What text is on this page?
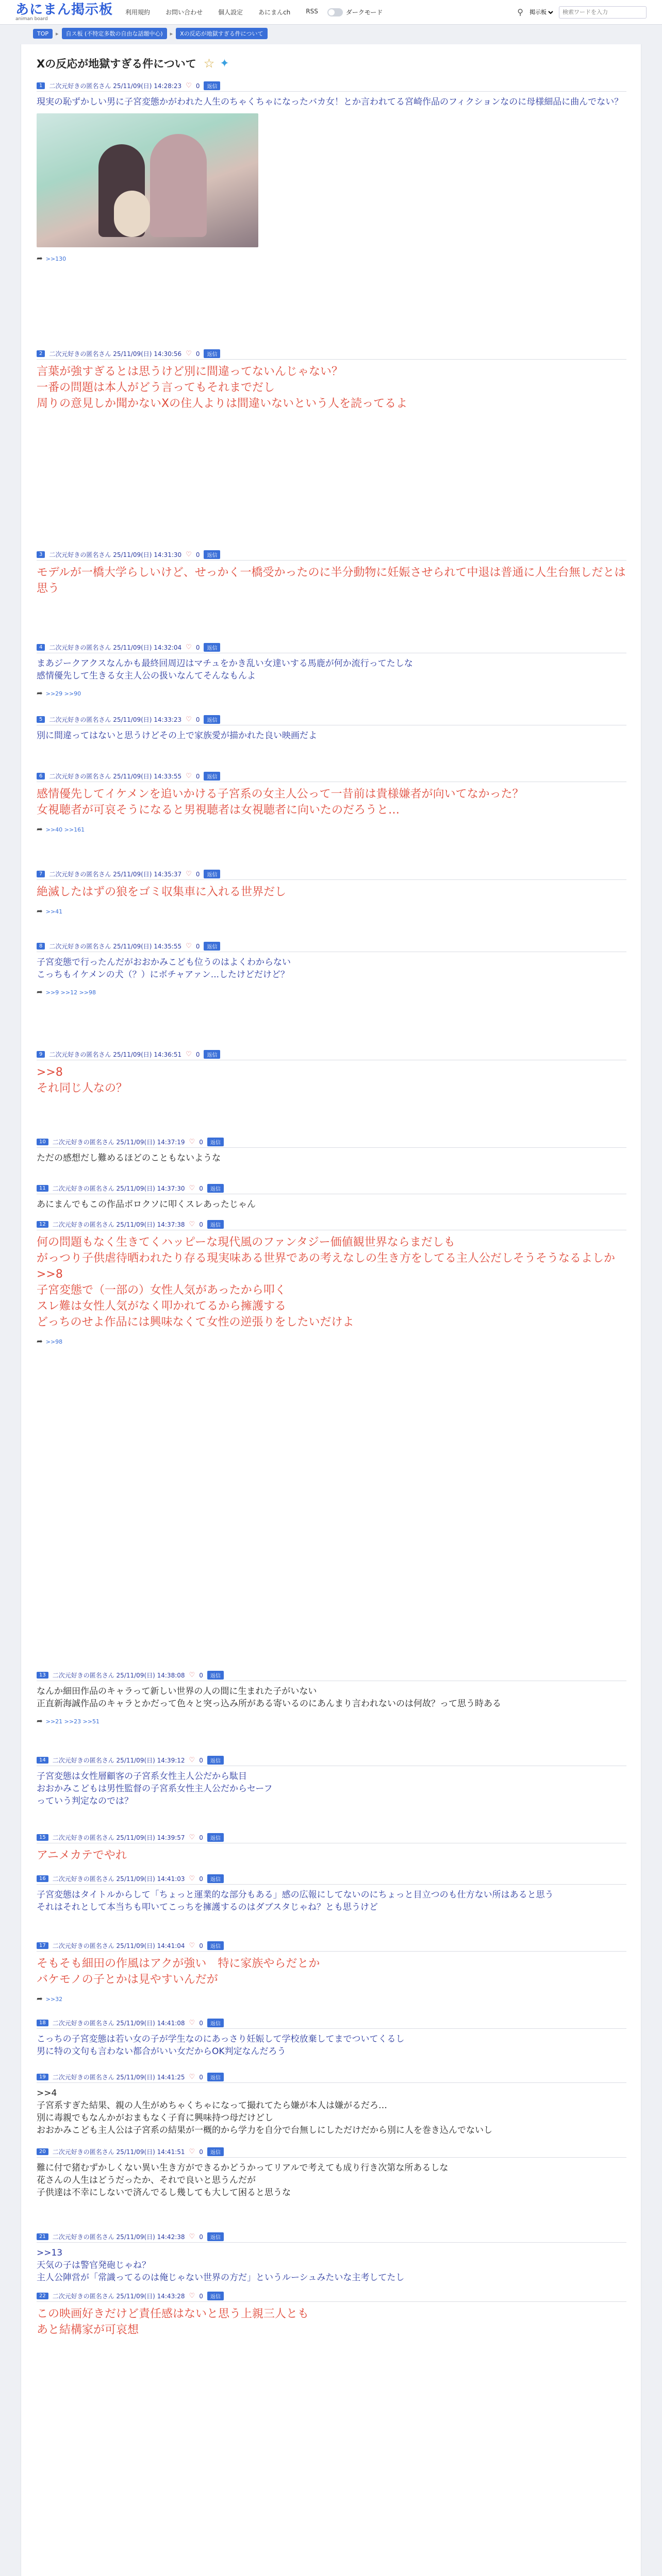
あにまん掲示板
animan board
利用規約	お問い合わせ	個人設定	あにまんch	RSS	ダークモード	⚲
掲示板
検索ワードを入力
TOP	▸	自ス板 (不特定多数の自由な話題中心)	▸	Xの反応が地獄すぎる件について
Xの反応が地獄すぎる件について ☆ ✦
1	二次元好きの匿名さん 25/11/09(日) 14:28:23 ♡ 0	返信
現実の恥ずかしい男に子宮変態かがわれた人生のちゃくちゃになったバカ女！とか言われてる宮崎作品のフィクションなのに母様細品に曲んでない？
➦ >>130
2	二次元好きの匿名さん 25/11/09(日) 14:30:56 ♡ 0	返信
言葉が強すぎるとは思うけど別に間違ってないんじゃない？
一番の問題は本人がどう言ってもそれまでだし
周りの意見しか聞かないXの住人よりは間違いないという人を読ってるよ
3	二次元好きの匿名さん 25/11/09(日) 14:31:30 ♡ 0	返信
モデルが一橋大学らしいけど、せっかく一橋受かったのに半分動物に妊娠させられて中退は普通に人生台無しだとは思う
4	二次元好きの匿名さん 25/11/09(日) 14:32:04 ♡ 0	返信
まあジークアクスなんかも最終回周辺はマチュをかき乱い女達いする馬鹿が何か流行ってたしな
感情優先して生きる女主人公の扱いなんてそんなもんよ
➦ >>29 >>90
5	二次元好きの匿名さん 25/11/09(日) 14:33:23 ♡ 0	返信
別に間違ってはないと思うけどその上で家族愛が描かれた良い映画だよ
6	二次元好きの匿名さん 25/11/09(日) 14:33:55 ♡ 0	返信
感情優先してイケメンを追いかける子宮系の女主人公って一昔前は貴様嫌者が向いてなかった？
女視聴者が可哀そうになると男視聴者は女視聴者に向いたのだろうと…
➦ >>40 >>161
7	二次元好きの匿名さん 25/11/09(日) 14:35:37 ♡ 0	返信
絶滅したはずの狼をゴミ収集車に入れる世界だし
➦ >>41
8	二次元好きの匿名さん 25/11/09(日) 14:35:55 ♡ 0	返信
子宮変態で行ったんだがおおかみこども位うのはよくわからない
こっちもイケメンの犬（？）にボチャアァン...したけどだけど？
➦ >>9 >>12 >>98
9	二次元好きの匿名さん 25/11/09(日) 14:36:51 ♡ 0	返信
>>8
それ同じ人なの？
10	二次元好きの匿名さん 25/11/09(日) 14:37:19 ♡ 0	返信
ただの感想だし難めるほどのこともないような
11	二次元好きの匿名さん 25/11/09(日) 14:37:30 ♡ 0	返信
あにまんでもこの作品ボロクソに叩くスレあったじゃん
12	二次元好きの匿名さん 25/11/09(日) 14:37:38 ♡ 0	返信
何の問題もなく生きてくハッピーな現代風のファンタジー価値観世界ならまだしも
がっつり子供虐待晒われたり存る現実味ある世界であの考えなしの生き方をしてる主人公だしそうそうなるよしか
>>8
子宮変態で（一部の）女性人気があったから叩く
スレ難は女性人気がなく叩かれてるから擁護する
どっちのせよ作品には興味なくて女性の逆張りをしたいだけよ
➦ >>98
13	二次元好きの匿名さん 25/11/09(日) 14:38:08 ♡ 0	返信
なんか細田作品のキャラって新しい世界の人の間に生まれた子がいない
正直新海誠作品のキャラとかだって色々と突っ込み所がある寄いるのにあんまり言われないのは何故？って思う時ある
➦ >>21 >>23 >>51
14	二次元好きの匿名さん 25/11/09(日) 14:39:12 ♡ 0	返信
子宮変態は女性層顧客の子宮系女性主人公だから駄目
おおかみこどもは男性監督の子宮系女性主人公だからセーフ
っていう判定なのでは？
15	二次元好きの匿名さん 25/11/09(日) 14:39:57 ♡ 0	返信
アニメカテでやれ
16	二次元好きの匿名さん 25/11/09(日) 14:41:03 ♡ 0	返信
子宮変態はタイトルからして「ちょっと運業的な部分もある」感の広報にしてないのにちょっと目立つのも仕方ない所はあると思う
それはそれとして本当ちも叩いてこっちを擁護するのはダブスタじゃね？とも思うけど
17	二次元好きの匿名さん 25/11/09(日) 14:41:04 ♡ 0	返信
そもそも細田の作風はアクが強い　特に家族やらだとか
バケモノの子とかは見やすいんだが
➦ >>32
18	二次元好きの匿名さん 25/11/09(日) 14:41:08 ♡ 0	返信
こっちの子宮変態は若い女の子が学生なのにあっさり妊娠して学校放棄してまでついてくるし
男に特の文句も言わない都合がいい女だからOK判定なんだろう
19	二次元好きの匿名さん 25/11/09(日) 14:41:25 ♡ 0	返信
>>4
子宮系すぎた結果、親の人生がめちゃくちゃになって撮れてたら嫌が本人は嫌がるだろ…
別に毒親でもなんかがおまもなく子育に興味持つ母だけどし
おおかみこども主人公は子宮系の結果が一概的から学力を自分で台無しにしただけだから別に人を巻き込んでないし
20	二次元好きの匿名さん 25/11/09(日) 14:41:51 ♡ 0	返信
難に付で猪むずかしくない異い生き方ができるかどうかってリアルで考えても成り行き次第な所あるしな
花さんの人生はどうだったか、それで良いと思うんだが
子供達は不幸にしないで済んでるし幾しても大して困ると思うな
21	二次元好きの匿名さん 25/11/09(日) 14:42:38 ♡ 0	返信
>>13
天気の子は警官発砲じゃね？
主人公陣営が「常識ってるのは俺じゃない世界の方だ」というルーシュみたいな主考してたし
22	二次元好きの匿名さん 25/11/09(日) 14:43:28 ♡ 0	返信
この映画好きだけど責任感はないと思う上親三人とも
あと結構家が可哀想
